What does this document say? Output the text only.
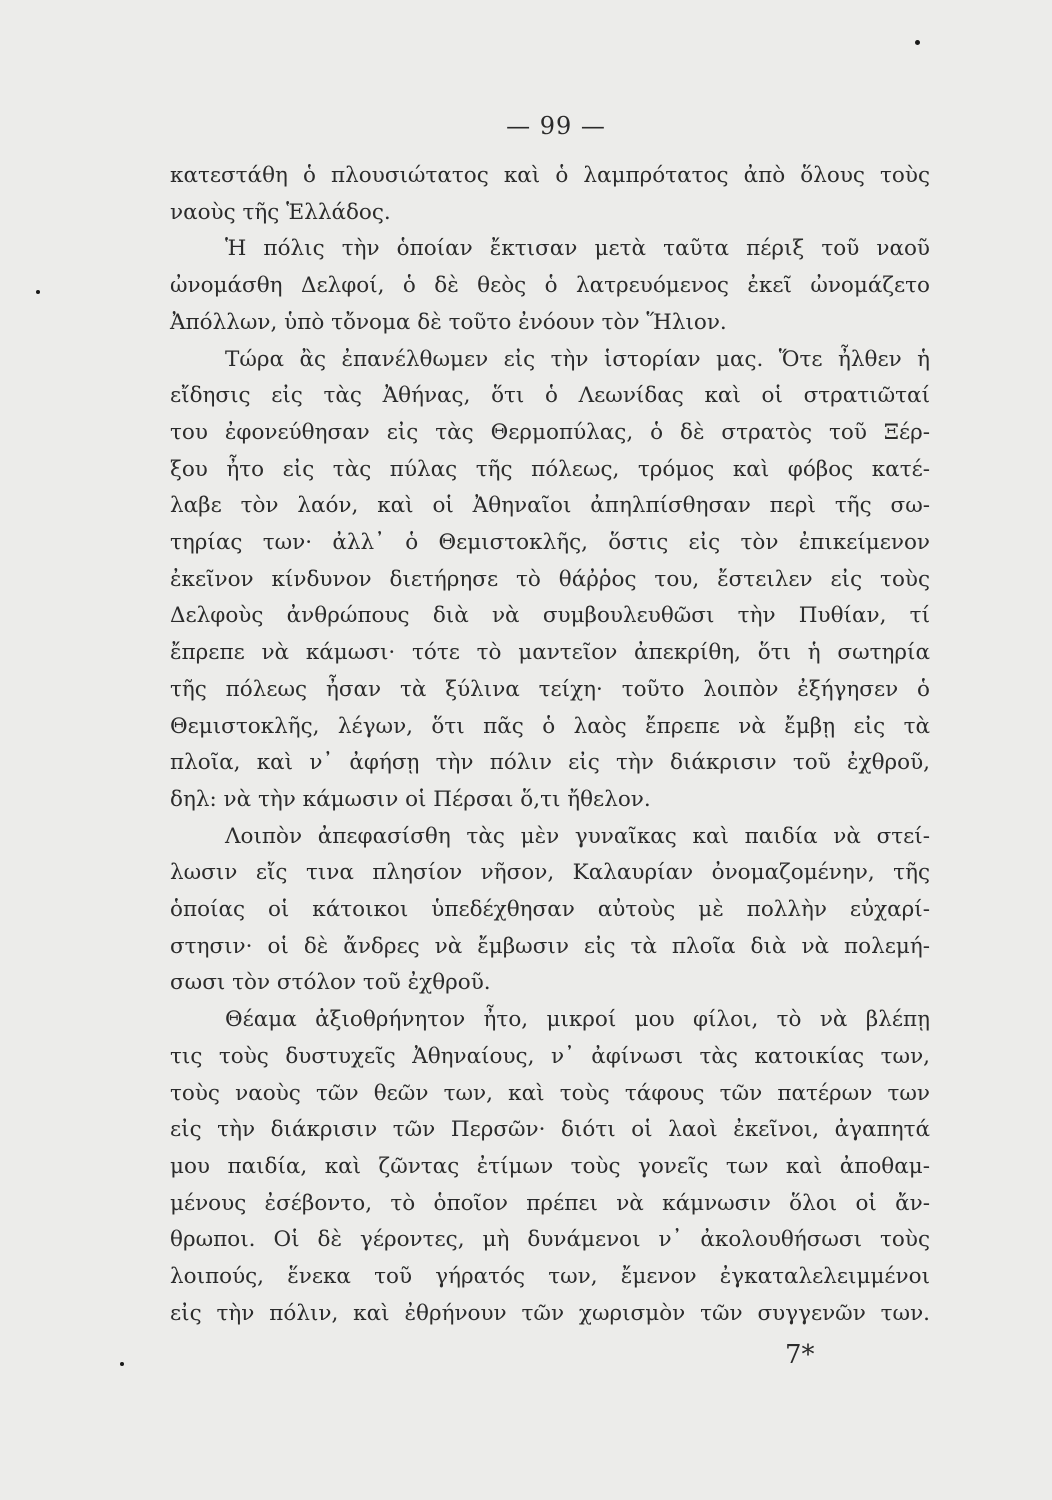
— 99 —
κατεστάθη ὁ πλουσιώτατος καὶ ὁ λαμπρότατος ἀπὸ ὅλους τοὺς
ναοὺς τῆς Ἑλλάδος.
Ἡ πόλις τὴν ὁποίαν ἔκτισαν μετὰ ταῦτα πέριξ τοῦ ναοῦ
ὠνομάσθη Δελφοί, ὁ δὲ θεὸς ὁ λατρευόμενος ἐκεῖ ὠνομάζετο
Ἀπόλλων, ὑπὸ τὄνομα δὲ τοῦτο ἐνόουν τὸν Ἥλιον.
Τώρα ἂς ἐπανέλθωμεν εἰς τὴν ἱστορίαν μας. Ὅτε ἦλθεν ἡ
εἴδησις εἰς τὰς Ἀθήνας, ὅτι ὁ Λεωνίδας καὶ οἱ στρατιῶταί
του ἐφονεύθησαν εἰς τὰς Θερμοπύλας, ὁ δὲ στρατὸς τοῦ Ξέρ-
ξου ἦτο εἰς τὰς πύλας τῆς πόλεως, τρόμος καὶ φόβος κατέ-
λαβε τὸν λαόν, καὶ οἱ Ἀθηναῖοι ἀπηλπίσθησαν περὶ τῆς σω-
τηρίας των· ἀλλ᾽ ὁ Θεμιστοκλῆς, ὅστις εἰς τὸν ἐπικείμενον
ἐκεῖνον κίνδυνον διετήρησε τὸ θάῤῥος του, ἔστειλεν εἰς τοὺς
Δελφοὺς ἀνθρώπους διὰ νὰ συμβουλευθῶσι τὴν Πυθίαν, τί
ἔπρεπε νὰ κάμωσι· τότε τὸ μαντεῖον ἀπεκρίθη, ὅτι ἡ σωτηρία
τῆς πόλεως ἦσαν τὰ ξύλινα τείχη· τοῦτο λοιπὸν ἐξήγησεν ὁ
Θεμιστοκλῆς, λέγων, ὅτι πᾶς ὁ λαὸς ἔπρεπε νὰ ἔμβῃ εἰς τὰ
πλοῖα, καὶ ν᾽ ἀφήσῃ τὴν πόλιν εἰς τὴν διάκρισιν τοῦ ἐχθροῦ,
δηλ: νὰ τὴν κάμωσιν οἱ Πέρσαι ὅ,τι ἤθελον.
Λοιπὸν ἀπεφασίσθη τὰς μὲν γυναῖκας καὶ παιδία νὰ στεί-
λωσιν εἴς τινα πλησίον νῆσον, Καλαυρίαν ὀνομαζομένην, τῆς
ὁποίας οἱ κάτοικοι ὑπεδέχθησαν αὐτοὺς μὲ πολλὴν εὐχαρί-
στησιν· οἱ δὲ ἄνδρες νὰ ἔμβωσιν εἰς τὰ πλοῖα διὰ νὰ πολεμή-
σωσι τὸν στόλον τοῦ ἐχθροῦ.
Θέαμα ἀξιοθρήνητον ἦτο, μικροί μου φίλοι, τὸ νὰ βλέπῃ
τις τοὺς δυστυχεῖς Ἀθηναίους, ν᾽ ἀφίνωσι τὰς κατοικίας των,
τοὺς ναοὺς τῶν θεῶν των, καὶ τοὺς τάφους τῶν πατέρων των
εἰς τὴν διάκρισιν τῶν Περσῶν· διότι οἱ λαοὶ ἐκεῖνοι, ἀγαπητά
μου παιδία, καὶ ζῶντας ἐτίμων τοὺς γονεῖς των καὶ ἀποθαμ-
μένους ἐσέβοντο, τὸ ὁποῖον πρέπει νὰ κάμνωσιν ὅλοι οἱ ἄν-
θρωποι. Οἱ δὲ γέροντες, μὴ δυνάμενοι ν᾽ ἀκολουθήσωσι τοὺς
λοιπούς, ἕνεκα τοῦ γήρατός των, ἔμενον ἐγκαταλελειμμένοι
εἰς τὴν πόλιν, καὶ ἐθρήνουν τῶν χωρισμὸν τῶν συγγενῶν των.
7*
